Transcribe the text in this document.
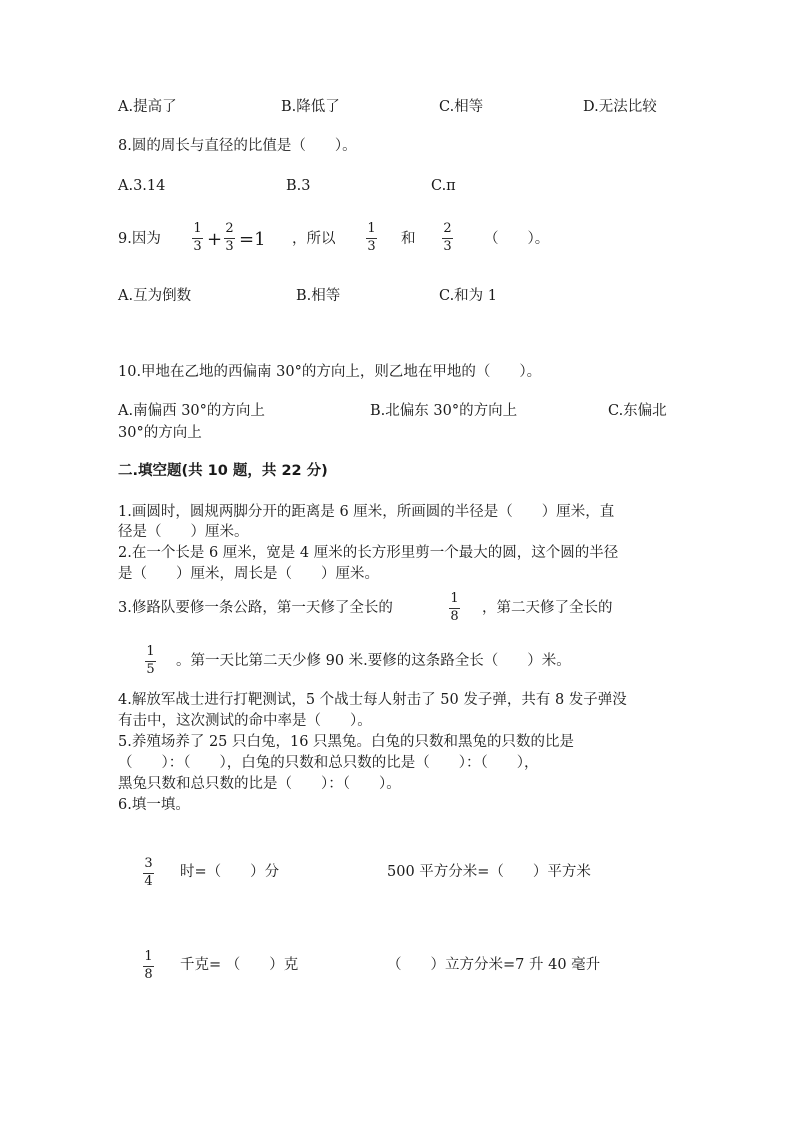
A.提高了	B.降低了	C.相等	D.无法比较
8.圆的周长与直径的比值是（　　）。
A.3.14	B.3	C.π
9.因为
1
3 +
2
3 =1 ，所以
1
3 和
2
3 （　　）。
A.互为倒数	B.相等	C.和为 1
10.甲地在乙地的西偏南 30°的方向上，则乙地在甲地的（　　）。
A.南偏西 30°的方向上	B.北偏东 30°的方向上	C.东偏北
30°的方向上
二.填空题(共 10 题，共 22 分)
1.画圆时，圆规两脚分开的距离是 6 厘米，所画圆的半径是（　　）厘米，直
径是（　　）厘米。
2.在一个长是 6 厘米，宽是 4 厘米的长方形里剪一个最大的圆，这个圆的半径
是（　　）厘米，周长是（　　）厘米。
3.修路队要修一条公路，第一天修了全长的
1
8
，第二天修了全长的
1
5
。第一天比第二天少修 90 米.要修的这条路全长（　　）米。
4.解放军战士进行打靶测试，5 个战士每人射击了 50 发子弹，共有 8 发子弹没
有击中，这次测试的命中率是（　　）。
5.养殖场养了 25 只白兔，16 只黑兔。白兔的只数和黑兔的只数的比是
（　　）：（　　），白兔的只数和总只数的比是（　　）：（　　），
黑兔只数和总只数的比是（　　）：（　　）。
6.填一填。
3
4
时=（　　）分	500 平方分米=（　　）平方米
1
8
千克= （　　）克	（　　）立方分米=7 升 40 毫升
